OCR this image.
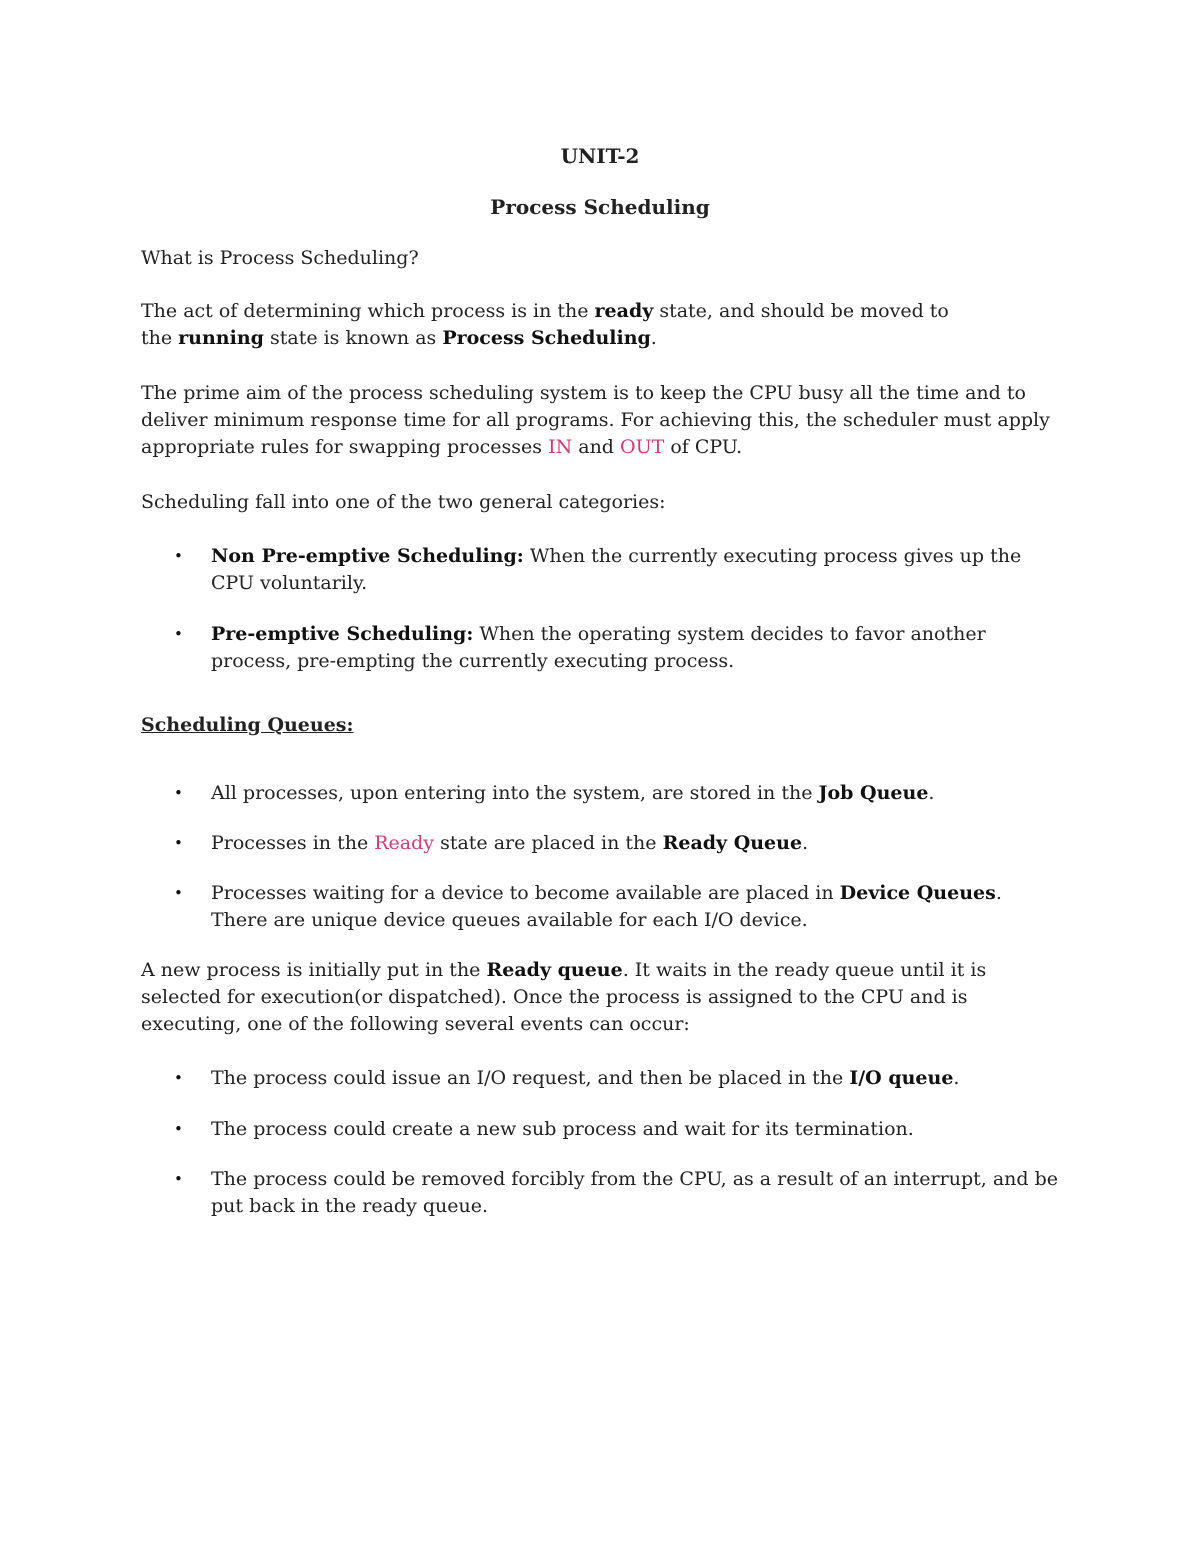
UNIT-2
Process Scheduling

What is Process Scheduling?

The act of determining which process is in the ready state, and should be moved to
the running state is known as Process Scheduling.

The prime aim of the process scheduling system is to keep the CPU busy all the time and to deliver minimum response time for all programs. For achieving this, the scheduler must apply appropriate rules for swapping processes IN and OUT of CPU.

Scheduling fall into one of the two general categories:

• Non Pre-emptive Scheduling: When the currently executing process gives up the CPU voluntarily.

• Pre-emptive Scheduling: When the operating system decides to favor another process, pre-empting the currently executing process.

Scheduling Queues:

• All processes, upon entering into the system, are stored in the Job Queue.

• Processes in the Ready state are placed in the Ready Queue.

• Processes waiting for a device to become available are placed in Device Queues. There are unique device queues available for each I/O device.

A new process is initially put in the Ready queue. It waits in the ready queue until it is selected for execution(or dispatched). Once the process is assigned to the CPU and is executing, one of the following several events can occur:

• The process could issue an I/O request, and then be placed in the I/O queue.

• The process could create a new sub process and wait for its termination.

• The process could be removed forcibly from the CPU, as a result of an interrupt, and be put back in the ready queue.
